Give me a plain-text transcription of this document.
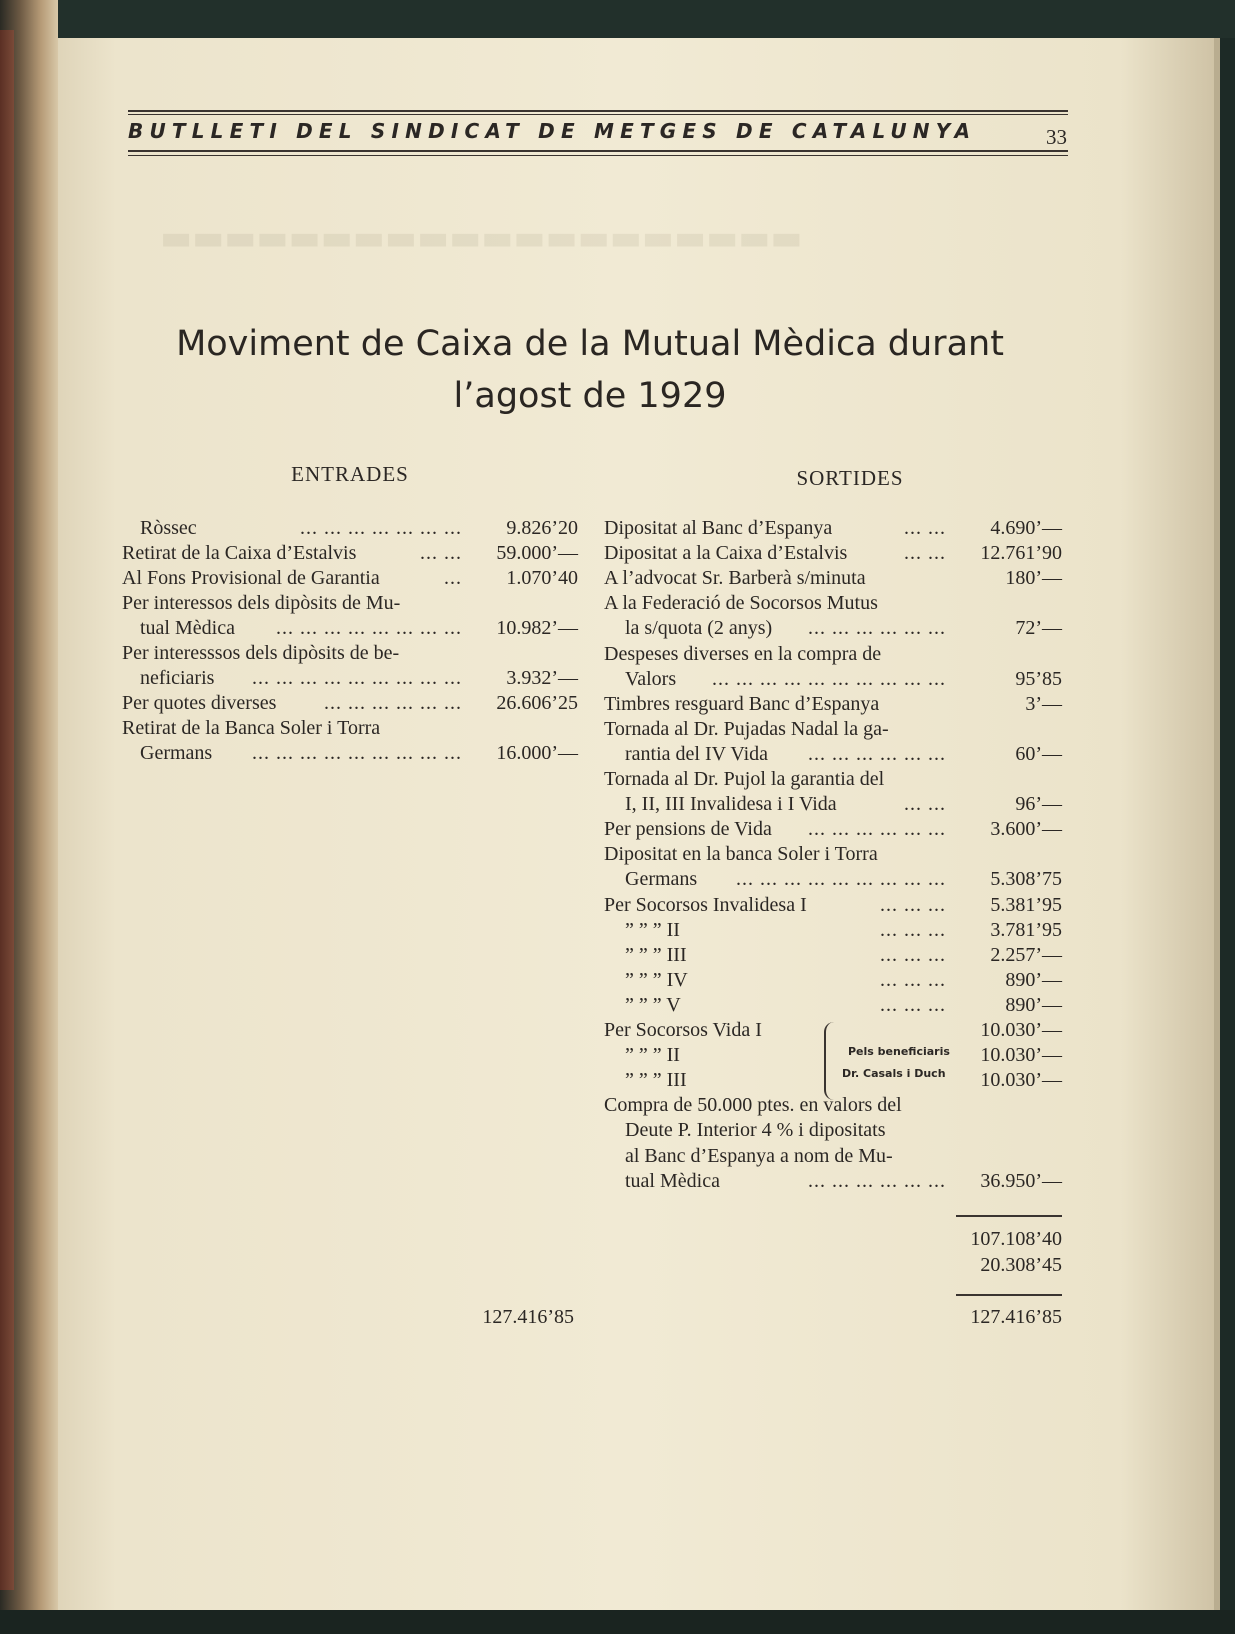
▬▬▬▬▬▬▬▬▬▬▬▬▬▬▬▬▬▬▬▬
BUTLLETI DEL SINDICAT DE METGES DE CATALUNYA	33
Moviment de Caixa de la Mutual Mèdica durant
l’agost de 1929
ENTRADES	SORTIDES
Ròssec	... ... ... ... ... ... ...	9.826’20
Retirat de la Caixa d’Estalvis	... ...	59.000’—
Al Fons Provisional de Garantia	...	1.070’40
Per interessos dels dipòsits de Mu-
tual Mèdica	... ... ... ... ... ... ... ...	10.982’—
Per interesssos dels dipòsits de be-
neficiaris	... ... ... ... ... ... ... ... ...	3.932’—
Per quotes diverses	... ... ... ... ... ...	26.606’25
Retirat de la Banca Soler i Torra
Germans	... ... ... ... ... ... ... ... ...	16.000’—
Dipositat al Banc d’Espanya	... ...	4.690’—
Dipositat a la Caixa d’Estalvis	... ...	12.761’90
A l’advocat Sr. Barberà s/minuta	180’—
A la Federació de Socorsos Mutus
la s/quota (2 anys)	... ... ... ... ... ...	72’—
Despeses diverses en la compra de
Valors	... ... ... ... ... ... ... ... ... ...	95’85
Timbres resguard Banc d’Espanya	3’—
Tornada al Dr. Pujadas Nadal la ga-
rantia del IV Vida	... ... ... ... ... ...	60’—
Tornada al Dr. Pujol la garantia del
I, II, III Invalidesa i I Vida	... ...	96’—
Per pensions de Vida	... ... ... ... ... ...	3.600’—
Dipositat en la banca Soler i Torra
Germans	... ... ... ... ... ... ... ... ...	5.308’75
Per Socorsos Invalidesa I	... ... ...	5.381’95
” ” ” II	... ... ...	3.781’95
” ” ” III	... ... ...	2.257’—
” ” ” IV	... ... ...	890’—
” ” ” V	... ... ...	890’—
Per Socorsos Vida I	10.030’—
” ” ” II	10.030’—
” ” ” III	10.030’—
Compra de 50.000 ptes. en valors del
Deute P. Interior 4 % i dipositats
al Banc d’Espanya a nom de Mu-
tual Mèdica	... ... ... ... ... ...	36.950’—
Pels beneficiaris
Dr. Casals i Duch
107.108’40
20.308’45
127.416’85	127.416’85
